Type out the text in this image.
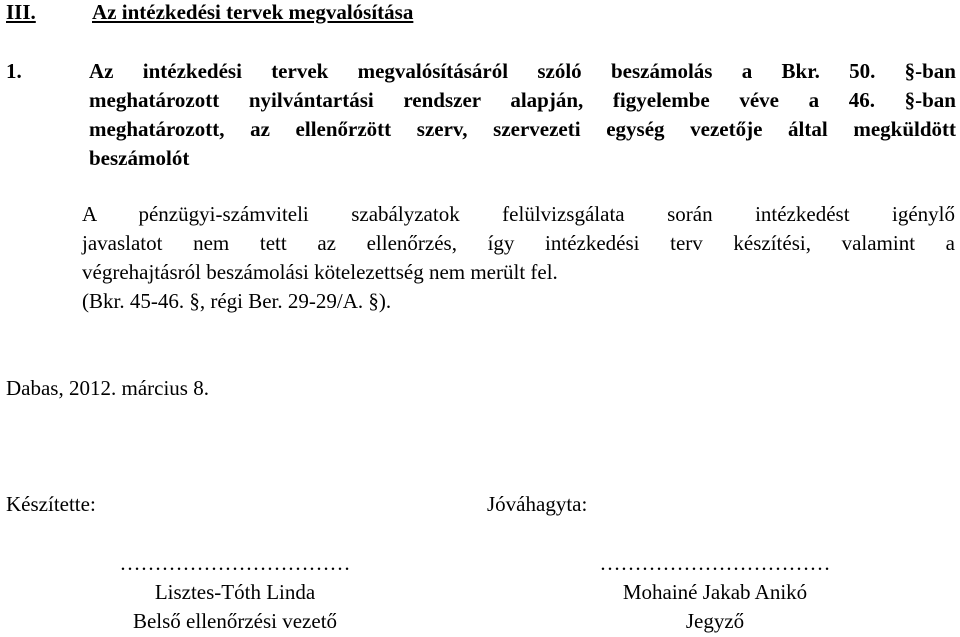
III.	Az intézkedési tervek megvalósítása
1.	Az intézkedési tervek megvalósításáról szóló beszámolás a Bkr. 50. §-ban
meghatározott nyilvántartási rendszer alapján, figyelembe véve a 46. §-ban
meghatározott, az ellenőrzött szerv, szervezeti egység vezetője által megküldött
beszámolót
A pénzügyi-számviteli szabályzatok felülvizsgálata során intézkedést igénylő
javaslatot nem tett az ellenőrzés, így intézkedési terv készítési, valamint a
végrehajtásról beszámolási kötelezettség nem merült fel.
(Bkr. 45-46. §, régi Ber. 29-29/A. §).
Dabas, 2012. március 8.
Készítette:	Jóváhagyta:
……………………………
Lisztes-Tóth Linda
Belső ellenőrzési vezető
……………………………
Mohainé Jakab Anikó
Jegyző
